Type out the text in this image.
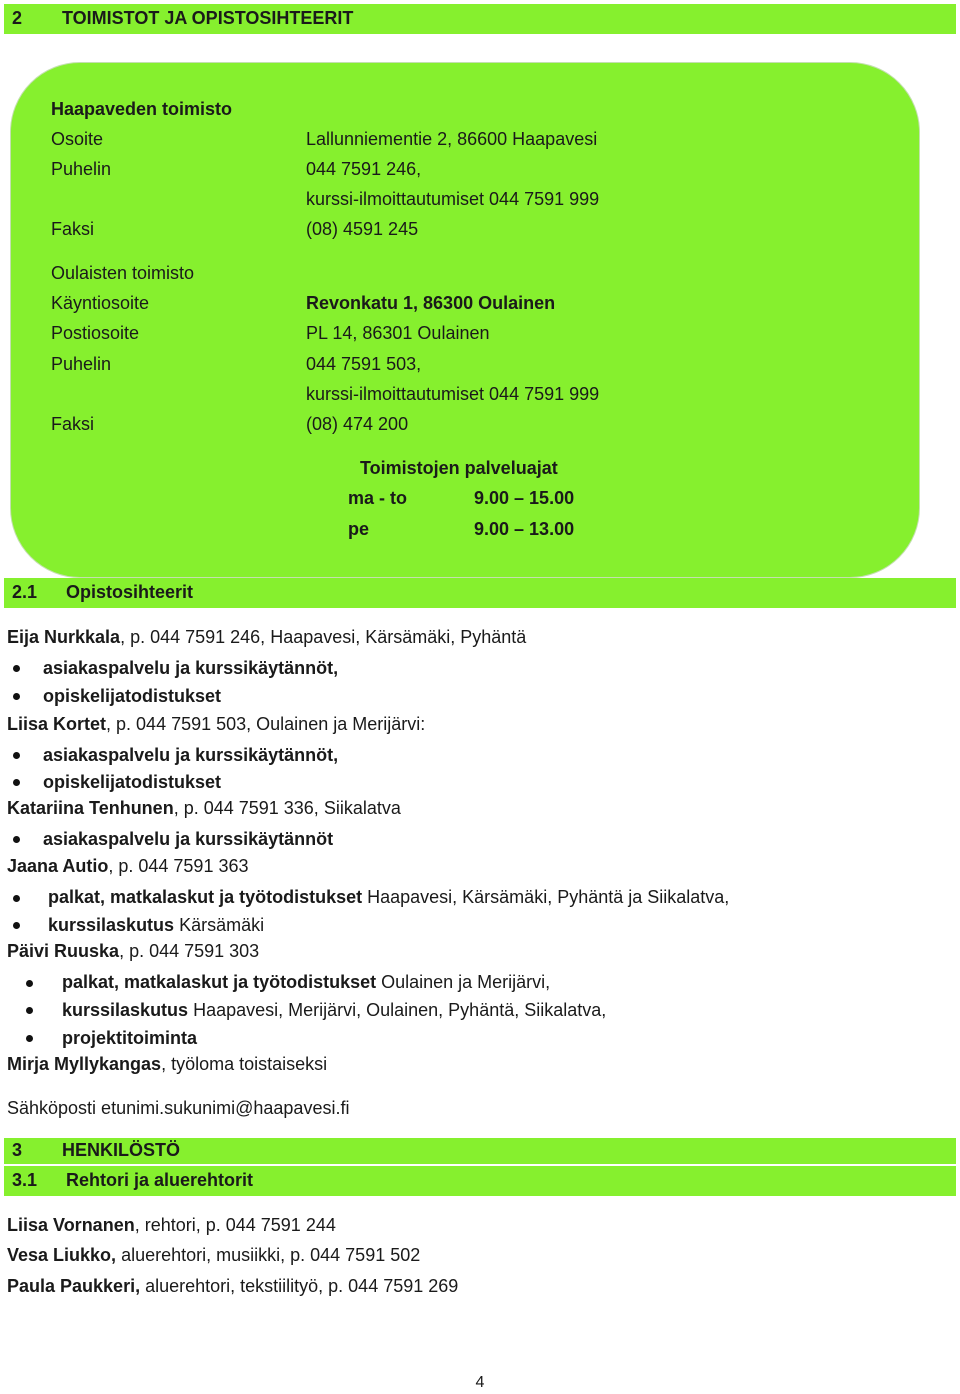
2 TOIMISTOT JA OPISTOSIHTEERIT
Haapaveden toimisto
Osoite	Lallunniementie 2, 86600 Haapavesi
Puhelin	044 7591 246,
kurssi-ilmoittautumiset 044 7591 999
Faksi	(08) 4591 245
Oulaisten toimisto
Käyntiosoite	Revonkatu 1, 86300 Oulainen
Postiosoite	PL 14, 86301 Oulainen
Puhelin	044 7591 503,
kurssi-ilmoittautumiset 044 7591 999
Faksi	(08) 474 200
Toimistojen palveluajat
ma - to	9.00 – 15.00
pe	9.00 – 13.00
2.1 Opistosihteerit
Eija Nurkkala, p. 044 7591 246, Haapavesi, Kärsämäki, Pyhäntä
asiakaspalvelu ja kurssikäytännöt,
opiskelijatodistukset
Liisa Kortet, p. 044 7591 503, Oulainen ja Merijärvi:
asiakaspalvelu ja kurssikäytännöt,
opiskelijatodistukset
Katariina Tenhunen, p. 044 7591 336, Siikalatva
asiakaspalvelu ja kurssikäytännöt
Jaana Autio, p. 044 7591 363
palkat, matkalaskut ja työtodistukset Haapavesi, Kärsämäki, Pyhäntä ja Siikalatva,
kurssilaskutus Kärsämäki
Päivi Ruuska, p. 044 7591 303
palkat, matkalaskut ja työtodistukset Oulainen ja Merijärvi,
kurssilaskutus Haapavesi, Merijärvi, Oulainen, Pyhäntä, Siikalatva,
projektitoiminta
Mirja Myllykangas, työloma toistaiseksi
Sähköposti etunimi.sukunimi@haapavesi.fi
3 HENKILÖSTÖ
3.1 Rehtori ja aluerehtorit
Liisa Vornanen, rehtori, p. 044 7591 244
Vesa Liukko, aluerehtori, musiikki, p. 044 7591 502
Paula Paukkeri, aluerehtori, tekstiilityö, p. 044 7591 269
4
